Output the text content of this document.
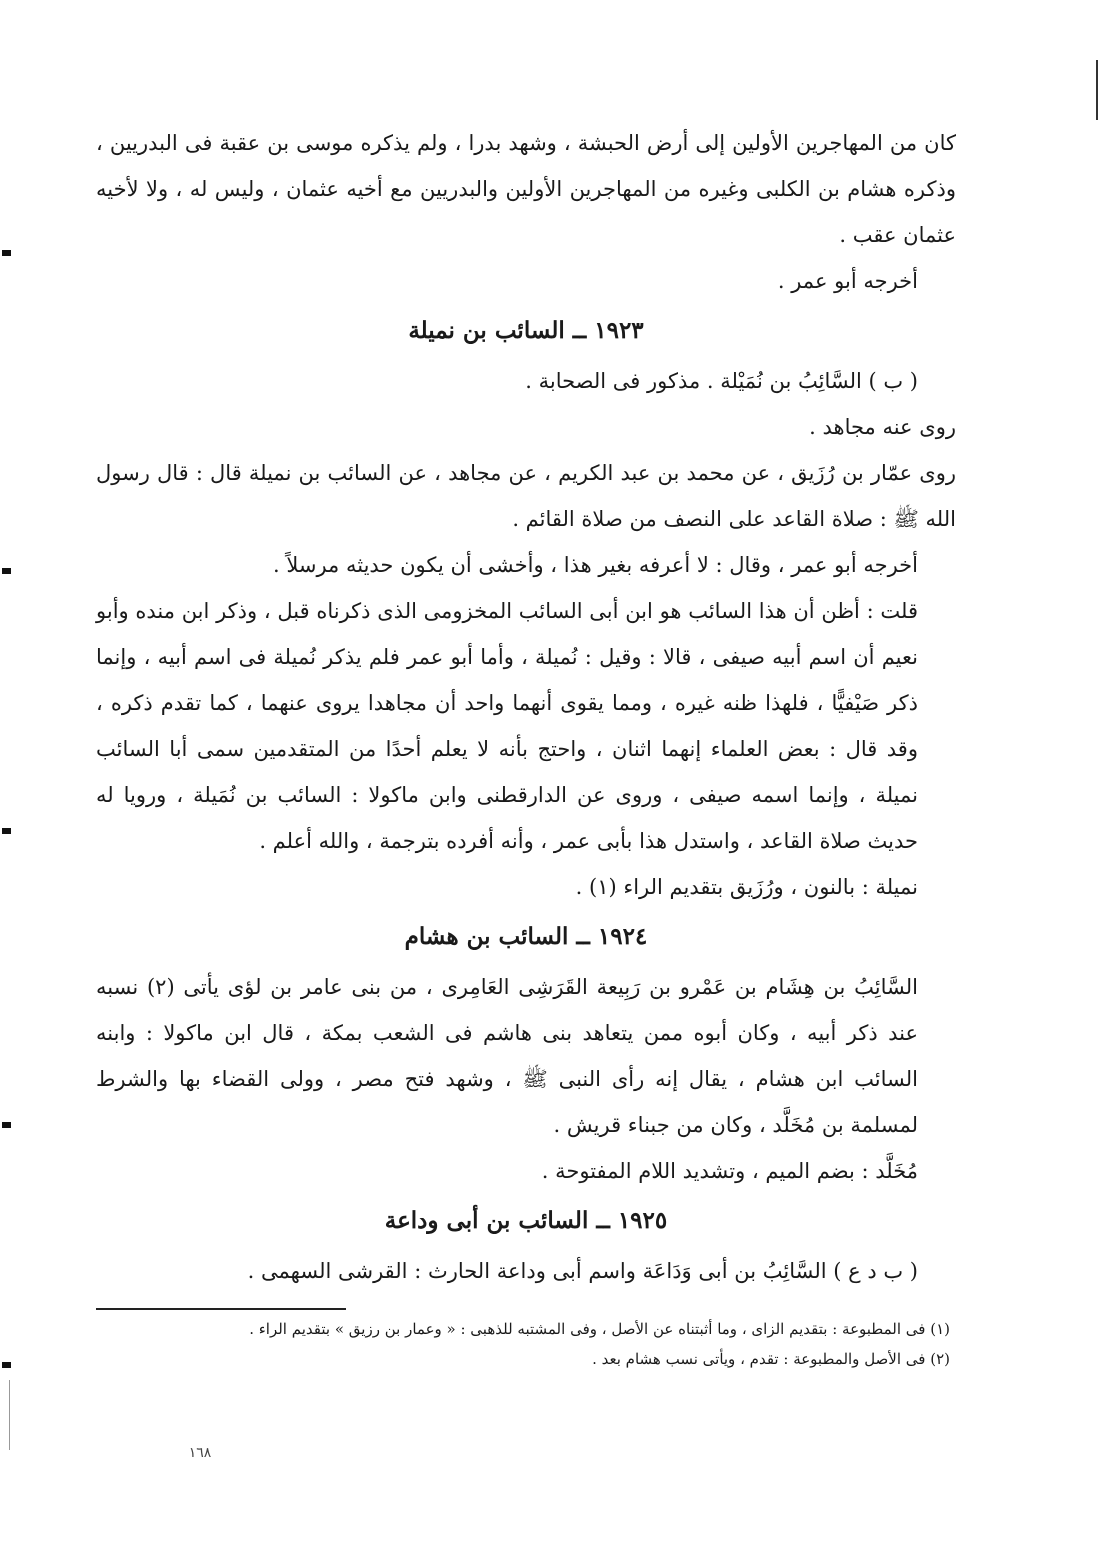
كان من المهاجرين الأولين إلى أرض الحبشة ، وشهد بدرا ، ولم يذكره موسى بن عقبة فى البدريين ، وذكره هشام بن الكلبى وغيره من المهاجرين الأولين والبدريين مع أخيه عثمان ، وليس له ، ولا لأخيه عثمان عقب .

أخرجه أبو عمر .

١٩٢٣ ــ السائب بن نميلة

( ب ) السَّائِبُ بن نُمَيْلة . مذكور فى الصحابة .

روى عنه مجاهد .

روى عمّار بن رُزَيق ، عن محمد بن عبد الكريم ، عن مجاهد ، عن السائب بن نميلة قال : قال رسول الله ﷺ : صلاة القاعد على النصف من صلاة القائم .

أخرجه أبو عمر ، وقال : لا أعرفه بغير هذا ، وأخشى أن يكون حديثه مرسلاً .

قلت : أظن أن هذا السائب هو ابن أبى السائب المخزومى الذى ذكرناه قبل ، وذكر ابن منده وأبو نعيم أن اسم أبيه صيفى ، قالا : وقيل : نُميلة ، وأما أبو عمر فلم يذكر نُميلة فى اسم أبيه ، وإنما ذكر صَيْفيًّا ، فلهذا ظنه غيره ، ومما يقوى أنهما واحد أن مجاهدا يروى عنهما ، كما تقدم ذكره ، وقد قال : بعض العلماء إنهما اثنان ، واحتج بأنه لا يعلم أحدًا من المتقدمين سمى أبا السائب نميلة ، وإنما اسمه صيفى ، وروى عن الدارقطنى وابن ماكولا : السائب بن نُمَيلة ، ورويا له حديث صلاة القاعد ، واستدل هذا بأبى عمر ، وأنه أفرده بترجمة ، والله أعلم .

نميلة : بالنون ، ورُزَيق بتقديم الراء (١) .

١٩٢٤ ــ السائب بن هشام

السَّائِبُ بن هِشَام بن عَمْرو بن رَبِيعة القَرَشِى العَامِرى ، من بنى عامر بن لؤى يأتى (٢) نسبه عند ذكر أبيه ، وكان أبوه ممن يتعاهد بنى هاشم فى الشعب بمكة ، قال ابن ماكولا : وابنه السائب ابن هشام ، يقال إنه رأى النبى ﷺ ، وشهد فتح مصر ، وولى القضاء بها والشرط لمسلمة بن مُخَلَّد ، وكان من جبناء قريش .

مُخَلَّد : بضم الميم ، وتشديد اللام المفتوحة .

١٩٢٥ ــ السائب بن أبى وداعة

( ب د ع ) السَّائِبُ بن أبى وَدَاعَة واسم أبى وداعة الحارث : القرشى السهمى .

(١) فى المطبوعة : بتقديم الزاى ، وما أثبتناه عن الأصل ، وفى المشتبه للذهبى : « وعمار بن رزيق » بتقديم الراء .

(٢) فى الأصل والمطبوعة : تقدم ، ويأتى نسب هشام بعد .

١٦٨
